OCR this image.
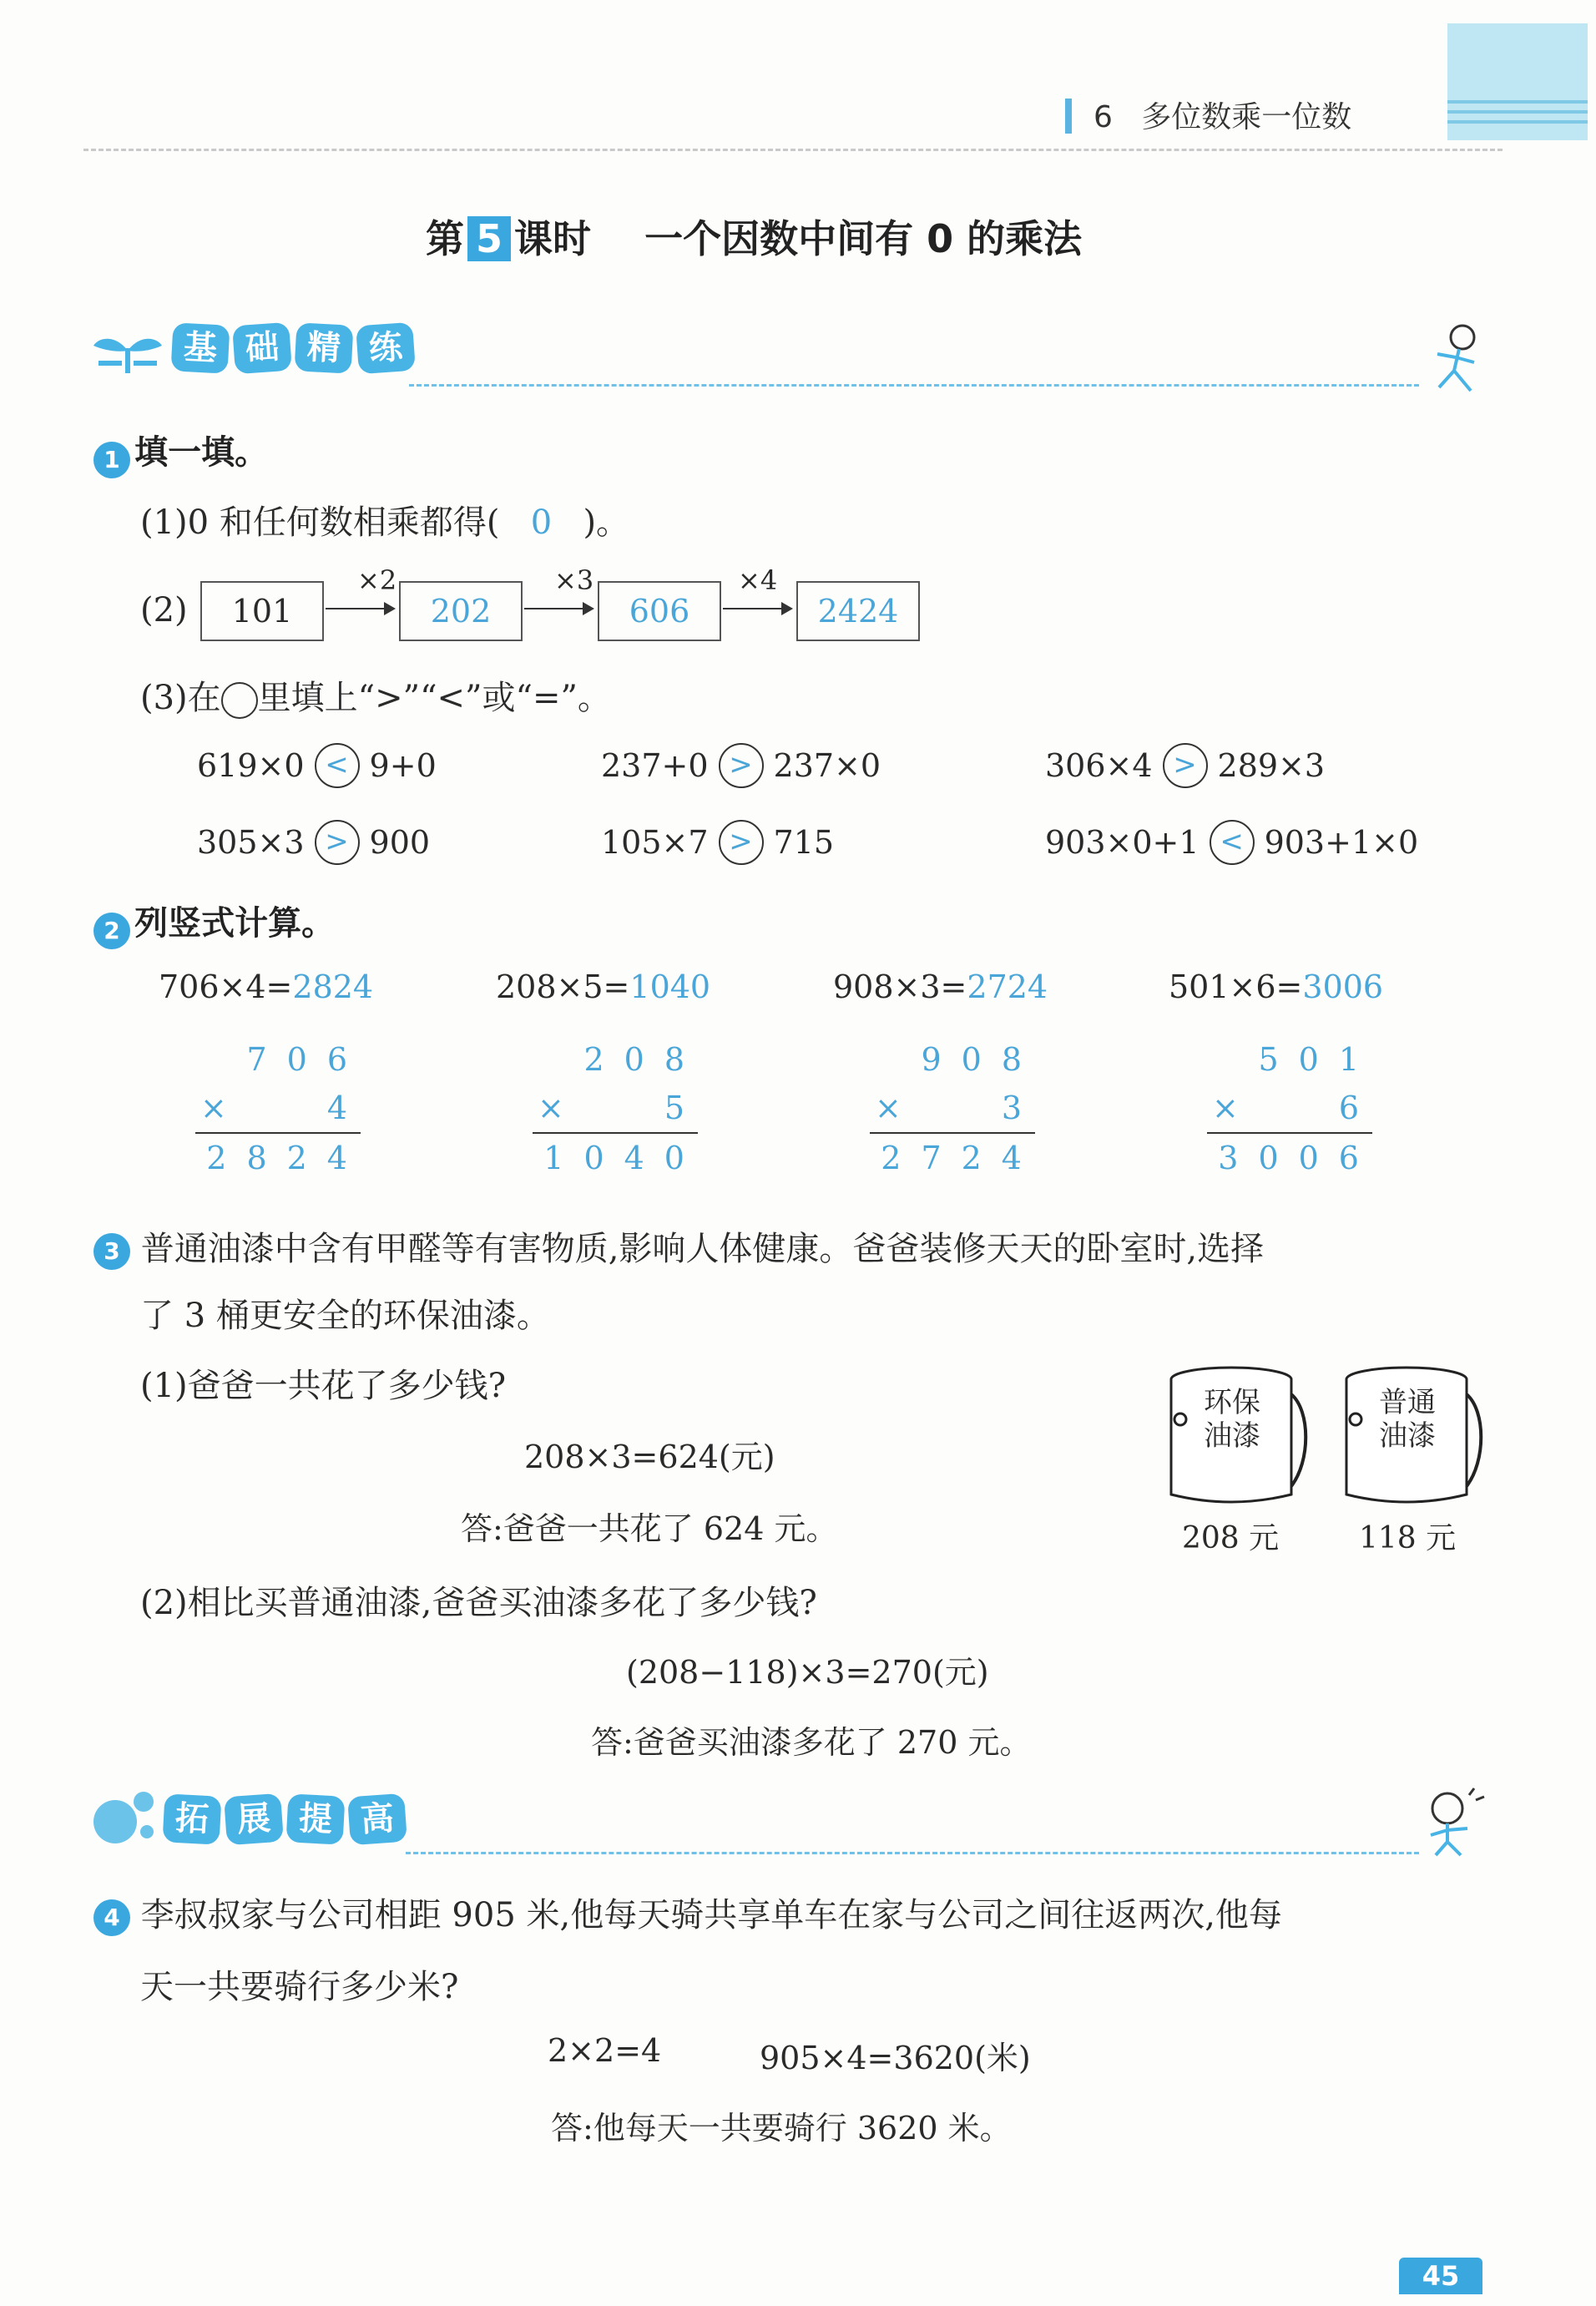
6 多位数乘一位数
第 5 课时 一个因数中间有 0 的乘法
基 础 精 练
1 填一填。
(1)0 和任何数相乘都得( 0 )。
(2)	101
×2
202
×3
606
×4
2424
(3)在 里填上“>”“<”或“=”。
619×0 < 9+0	237+0 > 237×0	306×4 > 289×3
305×3 > 900	105×7 > 715	903×0+1 < 903+1×0
2 列竖式计算。
706×4=2824	208×5=1040	908×3=2724	501×6=3006
706
×	4
2824
208
×	5
1040
908
×	3
2724
501
×	6
3006
3 普通油漆中含有甲醛等有害物质,影响人体健康。爸爸装修天天的卧室时,选择
了 3 桶更安全的环保油漆。
(1)爸爸一共花了多少钱?
208×3=624(元)
答:爸爸一共花了 624 元。
(2)相比买普通油漆,爸爸买油漆多花了多少钱?
(208−118)×3=270(元)
答:爸爸买油漆多花了 270 元。
环保
油漆
208 元
普通
油漆
118 元
拓 展 提 高
4 李叔叔家与公司相距 905 米,他每天骑共享单车在家与公司之间往返两次,他每
天一共要骑行多少米?
2×2=4	905×4=3620(米)
答:他每天一共要骑行 3620 米。
45
